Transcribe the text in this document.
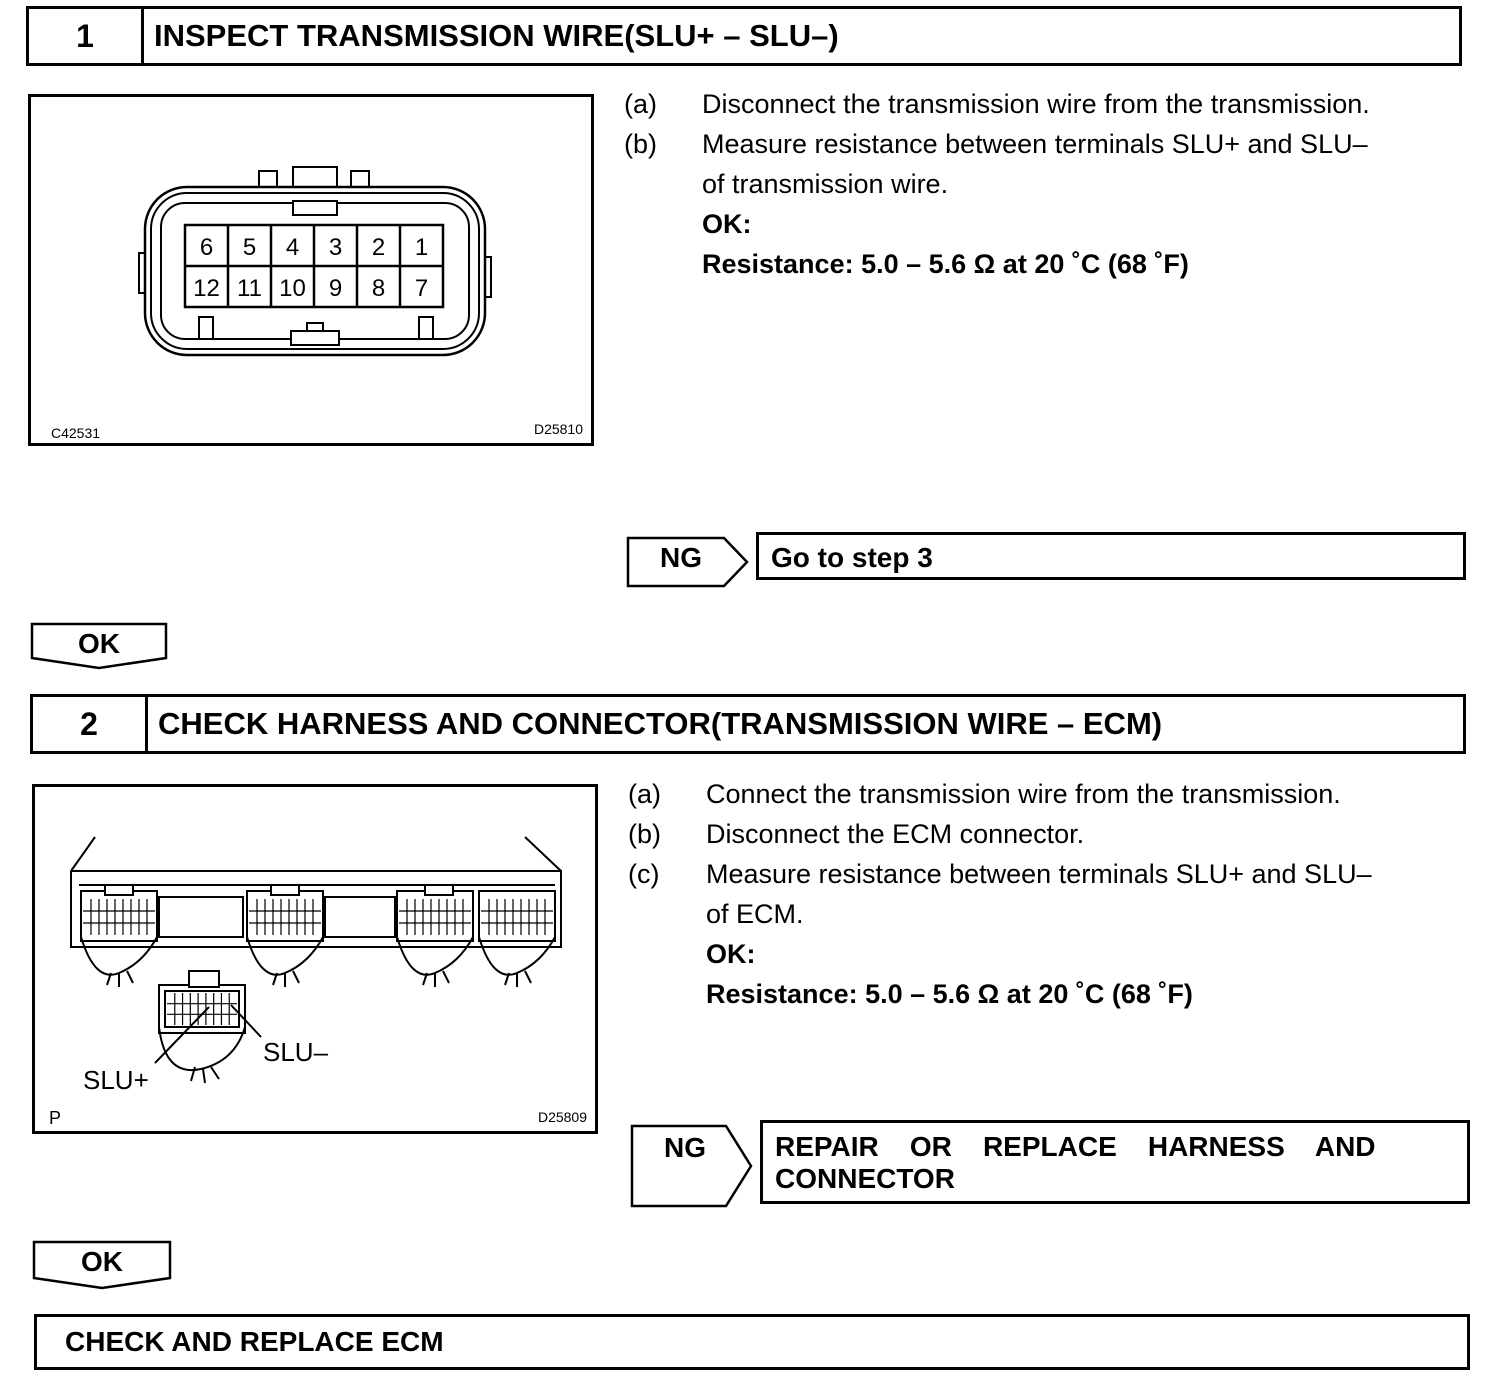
1	INSPECT TRANSMISSION WIRE(SLU+ – SLU–)
6 5 4 3 2 1
12 11 10 9 8 7
C42531	D25810
(a)	Disconnect the transmission wire from the transmission.
(b)	Measure resistance between terminals SLU+ and SLU–
of transmission wire.
OK:
Resistance: 5.0 – 5.6 Ω at 20 ˚C (68 ˚F)
NG	Go to step 3
OK
2	CHECK HARNESS AND CONNECTOR(TRANSMISSION WIRE – ECM)
SLU+
SLU–
P	D25809
(a)	Connect the transmission wire from the transmission.
(b)	Disconnect the ECM connector.
(c)	Measure resistance between terminals SLU+ and SLU–
of ECM.
OK:
Resistance: 5.0 – 5.6 Ω at 20 ˚C (68 ˚F)
NG REPAIR    OR    REPLACE    HARNESS    AND
CONNECTOR
OK
CHECK AND REPLACE ECM
